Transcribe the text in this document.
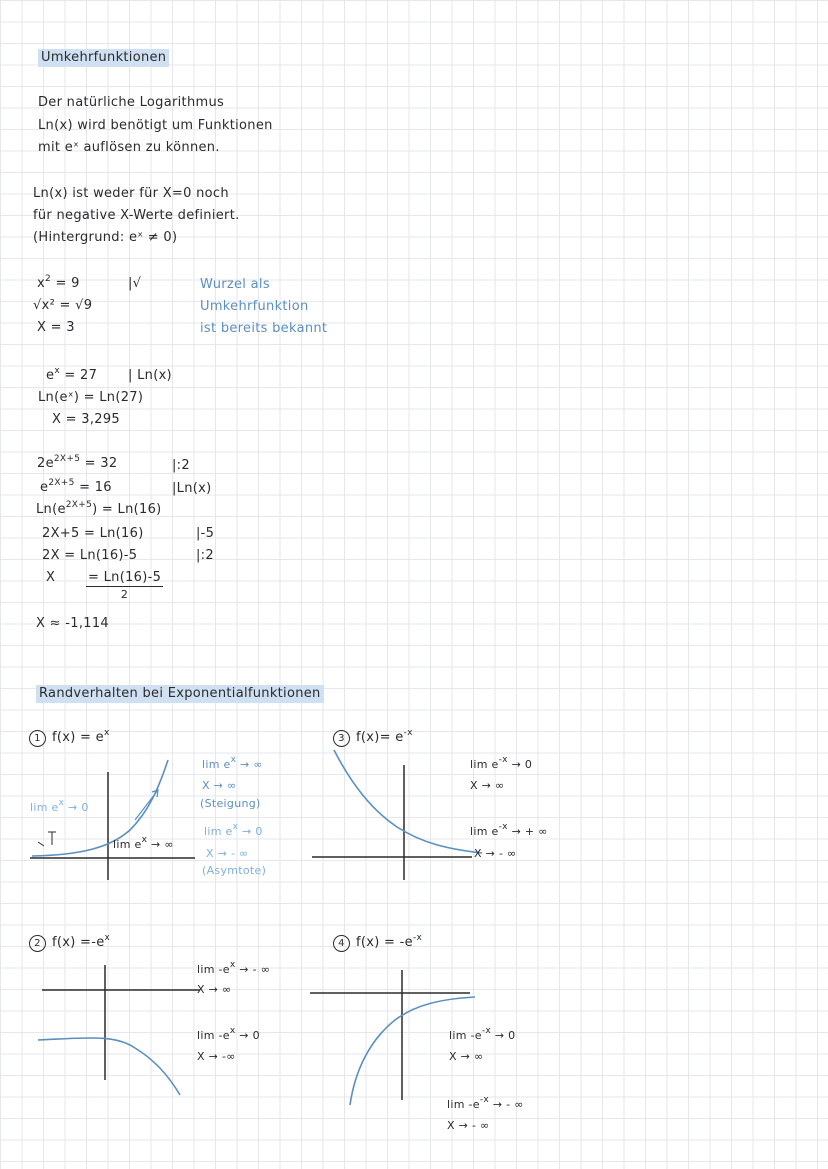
Umkehrfunktionen
Der natürliche Logarithmus
Ln(x) wird benötigt um Funktionen
mit eˣ auflösen zu können.
Ln(x) ist weder für X=0 noch
für negative X-Werte definiert.
(Hintergrund: eˣ ≠ 0)
$x^2 = 9$	|√
√x² = √9
X = 3
Wurzel als
Umkehrfunktion
ist bereits bekannt
$e^x = 27$ | Ln(x)
Ln(eˣ) = Ln(27)
X = 3,295
$2e^{2X+5} = 32$	|:2
$e^{2X+5} = 16$	|Ln(x)
$Ln(e^{2X+5}) = Ln(16)$
2X+5 = Ln(16)	|-5
2X = Ln(16)-5	|:2
X $\frac{= Ln(16)-5}{2}$
X ≈ -1,114
Randverhalten bei Exponentialfunktionen
1 $f(x) = e^x$
$\lim e^x \to 0$
$\lim e^x$ → ∞
$\lim e^x$ → ∞
X → ∞
(Steigung)
$\lim e^x \to 0$
X → - ∞
(Asymtote)
3 $f(x)= e^{-x}$
$\lim e^{-x} \to 0$
X → ∞
$\lim e^{-x}$ → + ∞
X → - ∞
2 $f(x) =-e^x$
$\lim -e^x$ → - ∞
X → ∞
$\lim -e^x \to 0$
X → -∞
4 $f(x) = -e^{-x}$
$\lim -e^{-x} \to 0$
X → ∞
$\lim -e^{-x}$ → - ∞
X → - ∞
